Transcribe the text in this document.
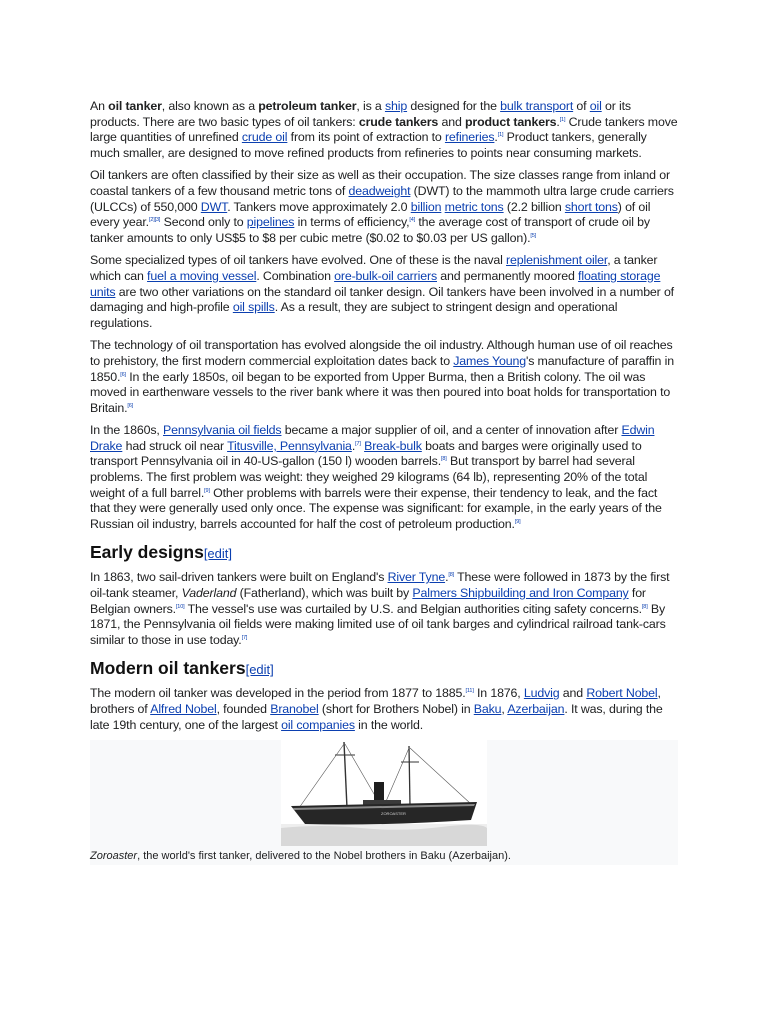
An oil tanker, also known as a petroleum tanker, is a ship designed for the bulk transport of oil or its products. There are two basic types of oil tankers: crude tankers and product tankers.[1] Crude tankers move large quantities of unrefined crude oil from its point of extraction to refineries.[1] Product tankers, generally much smaller, are designed to move refined products from refineries to points near consuming markets.

Oil tankers are often classified by their size as well as their occupation. The size classes range from inland or coastal tankers of a few thousand metric tons of deadweight (DWT) to the mammoth ultra large crude carriers (ULCCs) of 550,000 DWT. Tankers move approximately 2.0 billion metric tons (2.2 billion short tons) of oil every year.[2][3] Second only to pipelines in terms of efficiency,[4] the average cost of transport of crude oil by tanker amounts to only US$5 to $8 per cubic metre ($0.02 to $0.03 per US gallon).[5]

Some specialized types of oil tankers have evolved. One of these is the naval replenishment oiler, a tanker which can fuel a moving vessel. Combination ore-bulk-oil carriers and permanently moored floating storage units are two other variations on the standard oil tanker design. Oil tankers have been involved in a number of damaging and high-profile oil spills. As a result, they are subject to stringent design and operational regulations.

The technology of oil transportation has evolved alongside the oil industry. Although human use of oil reaches to prehistory, the first modern commercial exploitation dates back to James Young's manufacture of paraffin in 1850.[6] In the early 1850s, oil began to be exported from Upper Burma, then a British colony. The oil was moved in earthenware vessels to the river bank where it was then poured into boat holds for transportation to Britain.[6]

In the 1860s, Pennsylvania oil fields became a major supplier of oil, and a center of innovation after Edwin Drake had struck oil near Titusville, Pennsylvania.[7] Break-bulk boats and barges were originally used to transport Pennsylvania oil in 40-US-gallon (150 l) wooden barrels.[8] But transport by barrel had several problems. The first problem was weight: they weighed 29 kilograms (64 lb), representing 20% of the total weight of a full barrel.[9] Other problems with barrels were their expense, their tendency to leak, and the fact that they were generally used only once. The expense was significant: for example, in the early years of the Russian oil industry, barrels accounted for half the cost of petroleum production.[9]

Early designs[edit]

In 1863, two sail-driven tankers were built on England's River Tyne.[8] These were followed in 1873 by the first oil-tank steamer, Vaderland (Fatherland), which was built by Palmers Shipbuilding and Iron Company for Belgian owners.[10] The vessel's use was curtailed by U.S. and Belgian authorities citing safety concerns.[8] By 1871, the Pennsylvania oil fields were making limited use of oil tank barges and cylindrical railroad tank-cars similar to those in use today.[7]

Modern oil tankers[edit]

The modern oil tanker was developed in the period from 1877 to 1885.[11] In 1876, Ludvig and Robert Nobel, brothers of Alfred Nobel, founded Branobel (short for Brothers Nobel) in Baku, Azerbaijan. It was, during the late 19th century, one of the largest oil companies in the world.

ZOROASTER
Zoroaster, the world's first tanker, delivered to the Nobel brothers in Baku (Azerbaijan).
